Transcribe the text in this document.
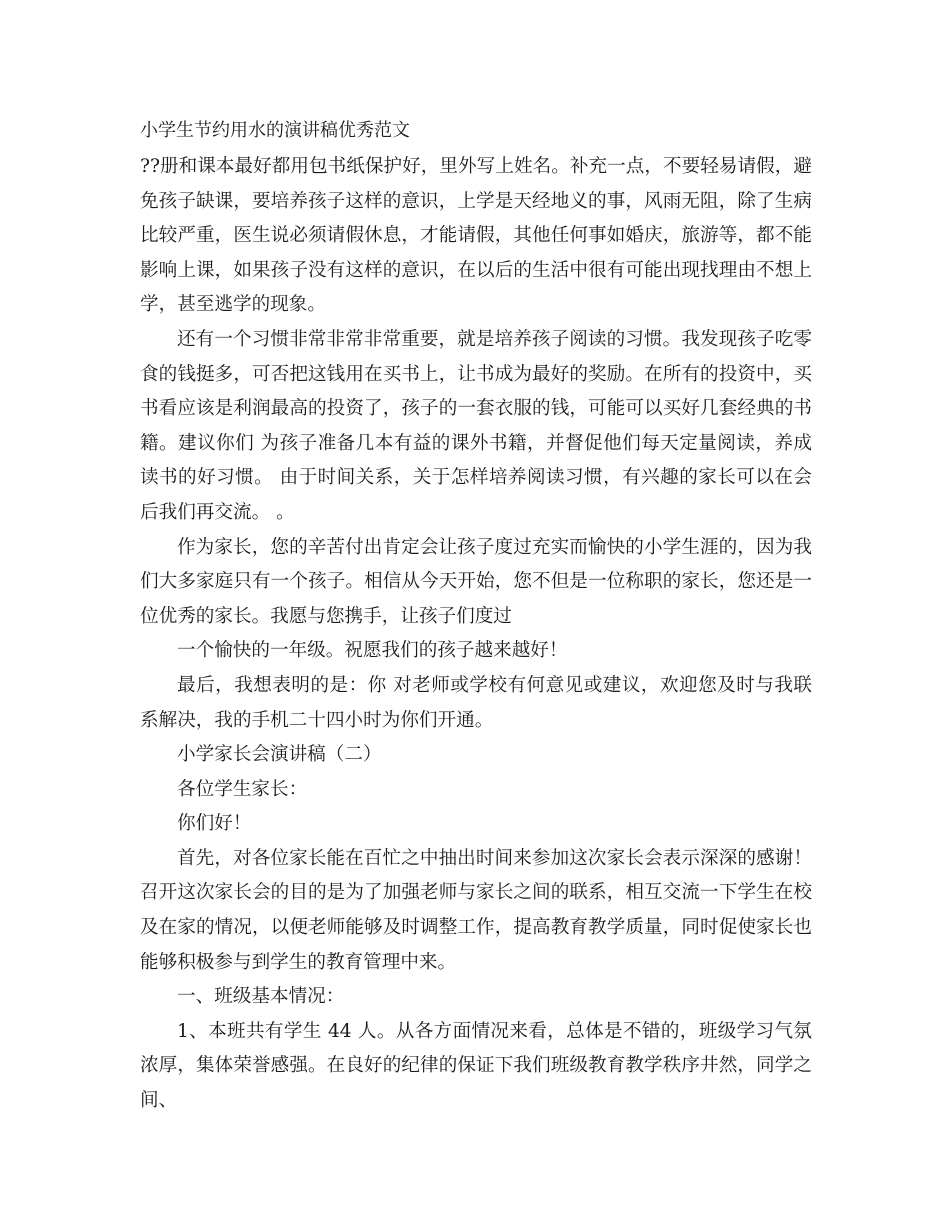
小学生节约用水的演讲稿优秀范文

??册和课本最好都用包书纸保护好，里外写上姓名。补充一点，不要轻易请假，避免孩子缺课，要培养孩子这样的意识，上学是天经地义的事，风雨无阻，除了生病比较严重，医生说必须请假休息，才能请假，其他任何事如婚庆，旅游等，都不能影响上课，如果孩子没有这样的意识，在以后的生活中很有可能出现找理由不想上学，甚至逃学的现象。

还有一个习惯非常非常非常重要，就是培养孩子阅读的习惯。我发现孩子吃零食的钱挺多，可否把这钱用在买书上，让书成为最好的奖励。在所有的投资中，买书看应该是利润最高的投资了，孩子的一套衣服的钱，可能可以买好几套经典的书籍。建议你们 为孩子准备几本有益的课外书籍，并督促他们每天定量阅读，养成读书的好习惯。 由于时间关系，关于怎样培养阅读习惯，有兴趣的家长可以在会后我们再交流。 。

作为家长，您的辛苦付出肯定会让孩子度过充实而愉快的小学生涯的，因为我们大多家庭只有一个孩子。相信从今天开始，您不但是一位称职的家长，您还是一位优秀的家长。我愿与您携手，让孩子们度过

一个愉快的一年级。祝愿我们的孩子越来越好！

最后，我想表明的是：你 对老师或学校有何意见或建议，欢迎您及时与我联系解决，我的手机二十四小时为你们开通。

小学家长会演讲稿（二）

各位学生家长：

你们好！

首先，对各位家长能在百忙之中抽出时间来参加这次家长会表示深深的感谢！召开这次家长会的目的是为了加强老师与家长之间的联系，相互交流一下学生在校及在家的情况，以便老师能够及时调整工作，提高教育教学质量，同时促使家长也能够积极参与到学生的教育管理中来。

一、班级基本情况：

1、本班共有学生 44 人。从各方面情况来看，总体是不错的，班级学习气氛浓厚，集体荣誉感强。在良好的纪律的保证下我们班级教育教学秩序井然，同学之间、
